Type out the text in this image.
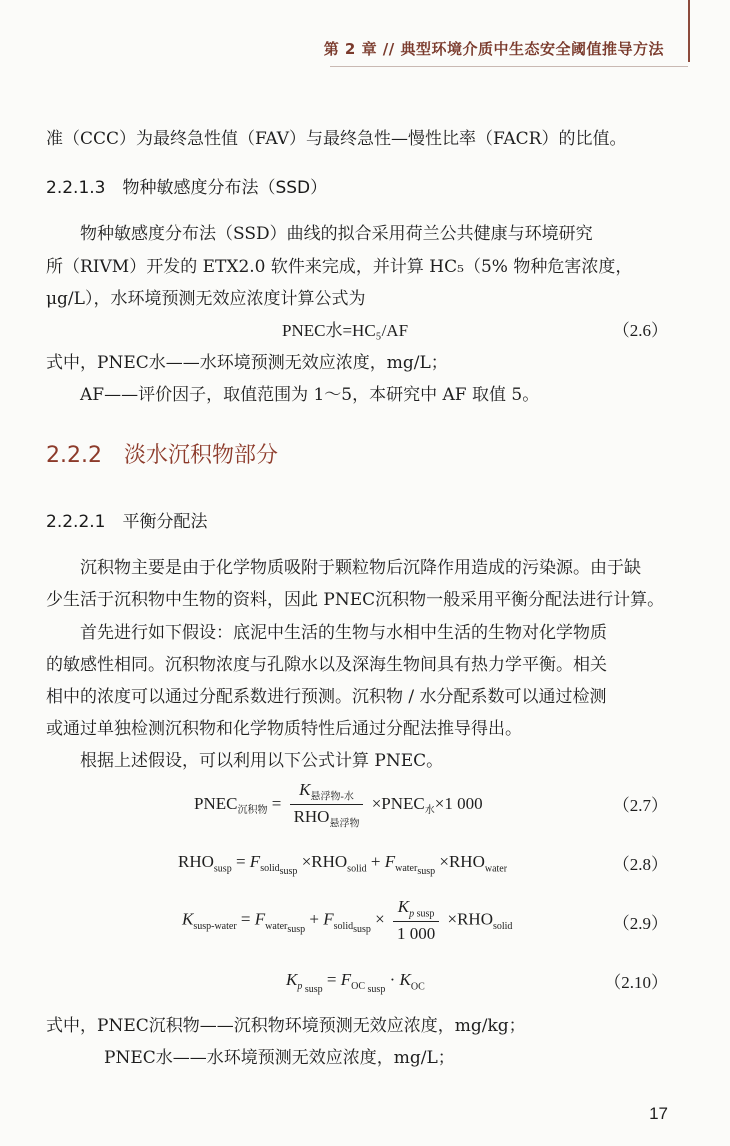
第 2 章 // 典型环境介质中生态安全阈值推导方法
准（CCC）为最终急性值（FAV）与最终急性—慢性比率（FACR）的比值。
2.2.1.3　物种敏感度分布法（SSD）
物种敏感度分布法（SSD）曲线的拟合采用荷兰公共健康与环境研究
所（RIVM）开发的 ETX2.0 软件来完成，并计算 HC₅（5% 物种危害浓度，
μg/L），水环境预测无效应浓度计算公式为
PNEC水=HC₅/AF	（2.6）
式中，PNEC水——水环境预测无效应浓度，mg/L；
AF——评价因子，取值范围为 1～5，本研究中 AF 取值 5。
2.2.2　淡水沉积物部分
2.2.2.1　平衡分配法
沉积物主要是由于化学物质吸附于颗粒物后沉降作用造成的污染源。由于缺
少生活于沉积物中生物的资料，因此 PNEC沉积物一般采用平衡分配法进行计算。
首先进行如下假设：底泥中生活的生物与水相中生活的生物对化学物质
的敏感性相同。沉积物浓度与孔隙水以及深海生物间具有热力学平衡。相关
相中的浓度可以通过分配系数进行预测。沉积物 / 水分配系数可以通过检测
或通过单独检测沉积物和化学物质特性后通过分配法推导得出。
根据上述假设，可以利用以下公式计算 PNEC。
$PNEC_{沉积物} = \frac{K_{悬浮物-水}}{RHO_{悬浮物}}$ $\times PNEC_水\times 1$ 000	（2.7）
$RHO_{susp} = F_{solid_{susp}} \times RHO_{solid} + F_{water_{susp}} \times RHO_{water}$	（2.8）
$K_{susp-water} = F_{water_{susp}} + F_{solid_{susp}} \times \frac{K_{p susp}}{1 000} \times RHO_{solid}$	（2.9）
$K_{p _{susp}} = F_{OC _{susp}} \cdot K_{OC}$	（2.10）
式中，PNEC沉积物——沉积物环境预测无效应浓度，mg/kg；
PNEC水——水环境预测无效应浓度，mg/L；
17
